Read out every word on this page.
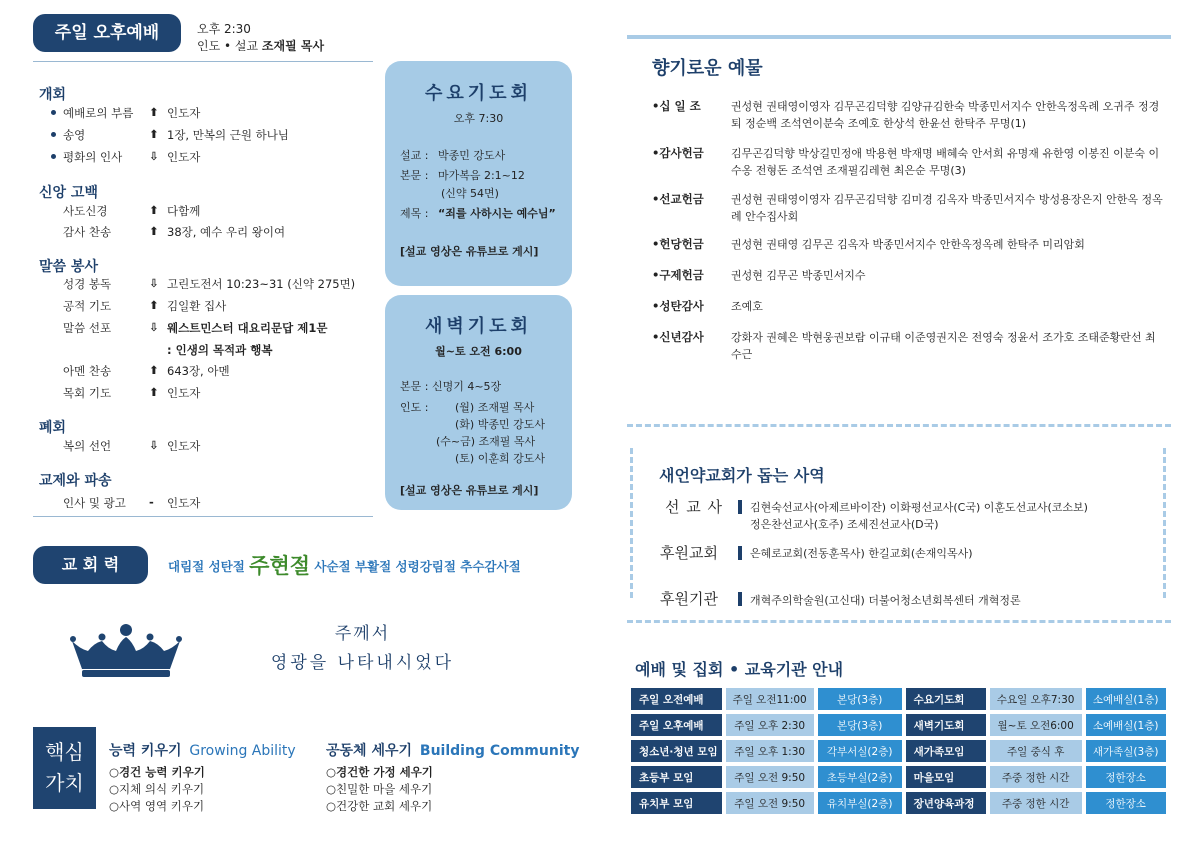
주일 오후예배	오후 2:30
인도 • 설교 조재필 목사
개회
예배로의 부름 ⬆ 인도자
송영	⬆ 1장, 만복의 근원 하나님
평화의 인사 ⇩ 인도자
신앙 고백
사도신경	⬆ 다함께
감사 찬송	⬆ 38장, 예수 우리 왕이여
말씀 봉사
성경 봉독	⇩ 고린도전서 10:23~31 (신약 275면)
공적 기도	⬆ 김일환 집사
말씀 선포	⇩ 웨스트민스터 대요리문답 제1문
: 인생의 목적과 행복
아멘 찬송	⬆ 643장, 아멘
목회 기도	⬆ 인도자
폐회
복의 선언	⇩ 인도자
교제와 파송
인사 및 광고 - 인도자
수요기도회
오후 7:30
설교 : 박종민 강도사
본문 : 마가복음 2:1~12
(신약 54면)
제목 : “죄를 사하시는 예수님”
[설교 영상은 유튜브로 게시]
새벽기도회
월~토 오전 6:00
본문 : 신명기 4~5장
인도 : (월) 조재필 목사
(화) 박종민 강도사
(수~금) 조재필 목사
(토) 이훈희 강도사
[설교 영상은 유튜브로 게시]
교 회 력	대림절 성탄절 주현절 사순절 부활절 성령강림절 추수감사절
주께서
영광을 나타내시었다
핵심
가치
능력 키우기 Growing Ability
○경건 능력 키우기
○지체 의식 키우기
○사역 영역 키우기
공동체 세우기 Building Community
○경건한 가정 세우기
○친밀한 마을 세우기
○건강한 교회 세우기
향기로운 예물
•십 일 조	권성현 권태영이영자 김무곤김덕향 김양규김한숙 박종민서지수 안한옥정옥례 오귀주 정경퇴 정순백 조석연이분숙 조예호 한상석 한윤선 한탁주 무명(1)
•감사헌금 김무곤김덕향 박상길민정애 박용현 박재명 배혜숙 안서희 유명재 유한영 이봉진 이분숙 이수옹 전형돈 조석연 조재필김레현 최은순 무명(3)
•선교헌금 권성현 권태영이영자 김무곤김덕향 김미경 김옥자 박종민서지수 방성용장은지 안한옥 정옥례 안수집사회
•헌당헌금 권성현 권태영 김무곤 김옥자 박종민서지수 안한옥정옥례 한탁주 미리암회
•구제헌금 권성현 김무곤 박종민서지수
•성탄감사 조예호
•신년감사 강화자 권혜은 박현웅권보람 이규태 이준영권지은 전영숙 정윤서 조가호 조태준황란선 최수근
새언약교회가 돕는 사역
선 교 사 김현숙선교사(아제르바이잔) 이화평선교사(C국) 이훈도선교사(코소보)
정은찬선교사(호주) 조세진선교사(D국)
후원교회	은혜로교회(전동훈목사) 한길교회(손재익목사)
후원기관	개혁주의학술원(고신대) 더불어청소년회복센터 개혁정론
예배 및 집회 • 교육기관 안내
주일 오전예배	주일 오전11:00	본당(3층)	수요기도회	수요일 오후7:30	소예배실(1층)
주일 오후예배	주일 오후 2:30	본당(3층)	새벽기도회	월~토 오전6:00	소예배실(1층)
청소년·청년 모임	주일 오후 1:30	각부서실(2층)	새가족모임	주일 중식 후	새가족실(3층)
초등부 모임	주일 오전 9:50	초등부실(2층)	마을모임	주중 정한 시간	정한장소
유치부 모임	주일 오전 9:50	유치부실(2층)	장년양육과정	주중 정한 시간	정한장소
